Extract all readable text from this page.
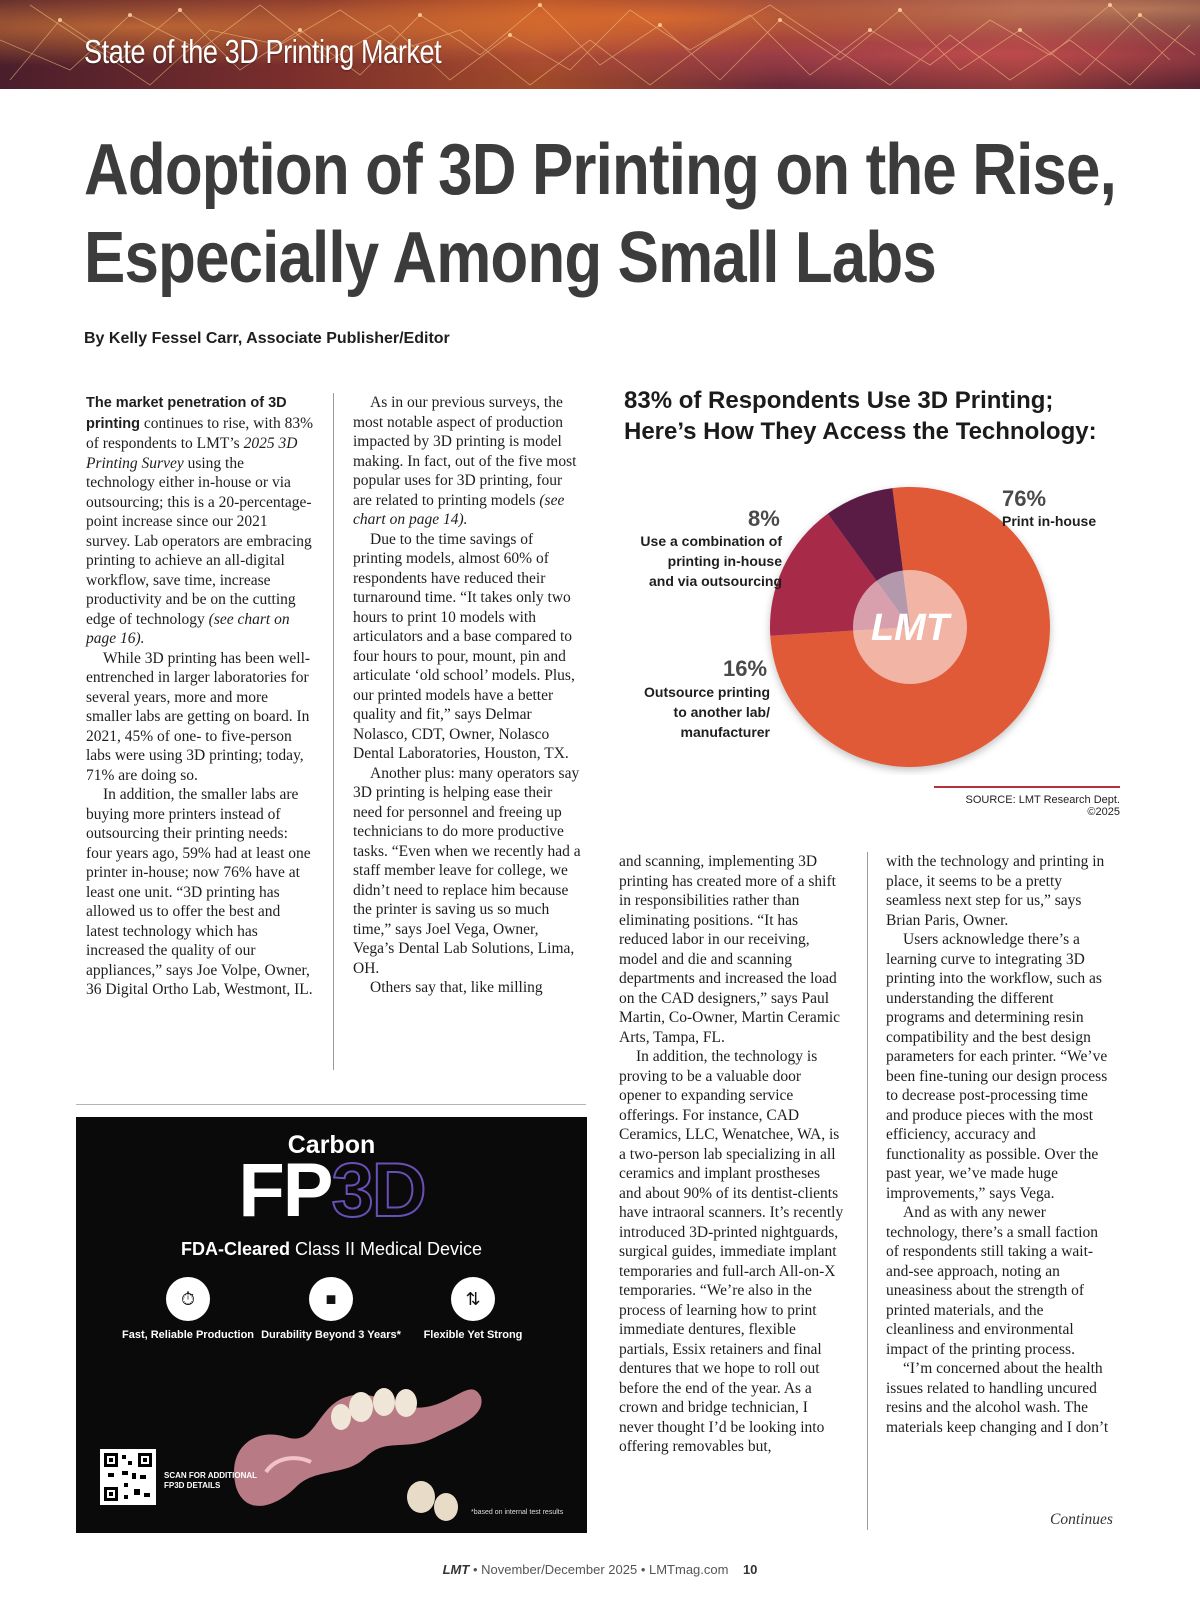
State of the 3D Printing Market
Adoption of 3D Printing on the Rise,
Especially Among Small Labs
By Kelly Fessel Carr, Associate Publisher/Editor

The market penetration of 3D printing continues to rise, with 83% of respondents to LMT’s 2025 3D Printing Survey using the technology either in-house or via outsourcing; this is a 20-percentage-point increase since our 2021 survey. Lab operators are embracing printing to achieve an all-digital workflow, save time, increase productivity and be on the cutting edge of technology (see chart on page 16).

While 3D printing has been well-entrenched in larger laboratories for several years, more and more smaller labs are getting on board. In 2021, 45% of one- to five-person labs were using 3D printing; today, 71% are doing so.

In addition, the smaller labs are buying more printers instead of outsourcing their printing needs: four years ago, 59% had at least one printer in-house; now 76% have at least one unit. “3D printing has allowed us to offer the best and latest technology which has increased the quality of our appliances,” says Joe Volpe, Owner, 36 Digital Ortho Lab, Westmont, IL.

As in our previous surveys, the most notable aspect of production impacted by 3D printing is model making. In fact, out of the five most popular uses for 3D printing, four are related to printing models (see chart on page 14).

Due to the time savings of printing models, almost 60% of respondents have reduced their turnaround time. “It takes only two hours to print 10 models with articulators and a base compared to four hours to pour, mount, pin and articulate ‘old school’ models. Plus, our printed models have a better quality and fit,” says Delmar Nolasco, CDT, Owner, Nolasco Dental Laboratories, Houston, TX.

Another plus: many operators say 3D printing is helping ease their need for personnel and freeing up technicians to do more productive tasks. “Even when we recently had a staff member leave for college, we didn’t need to replace him because the printer is saving us so much time,” says Joel Vega, Owner, Vega’s Dental Lab Solutions, Lima, OH.

Others say that, like milling

83% of Respondents Use 3D Printing;
Here’s How They Access the Technology:
LMT
76%
Print in-house
8%
Use a combination of
printing in-house
and via outsourcing
16%
Outsource printing
to another lab/
manufacturer
SOURCE: LMT Research Dept. ©2025

and scanning, implementing 3D printing has created more of a shift in responsibilities rather than eliminating positions. “It has reduced labor in our receiving, model and die and scanning departments and increased the load on the CAD designers,” says Paul Martin, Co-Owner, Martin Ceramic Arts, Tampa, FL.

In addition, the technology is proving to be a valuable door opener to expanding service offerings. For instance, CAD Ceramics, LLC, Wenatchee, WA, is a two-person lab specializing in all ceramics and implant prostheses and about 90% of its dentist-clients have intraoral scanners. It’s recently introduced 3D-printed nightguards, surgical guides, immediate implant temporaries and full-arch All-on-X temporaries. “We’re also in the process of learning how to print immediate dentures, flexible partials, Essix retainers and final dentures that we hope to roll out before the end of the year. As a crown and bridge technician, I never thought I’d be looking into offering removables but,

with the technology and printing in place, it seems to be a pretty seamless next step for us,” says Brian Paris, Owner.

Users acknowledge there’s a learning curve to integrating 3D printing into the workflow, such as understanding the different programs and determining resin compatibility and the best design parameters for each printer. “We’ve been fine-tuning our design process to decrease post-processing time and produce pieces with the most efficiency, accuracy and functionality as possible. Over the past year, we’ve made huge improvements,” says Vega.

And as with any newer technology, there’s a small faction of respondents still taking a wait-and-see approach, noting an uneasiness about the strength of printed materials, and the cleanliness and environmental impact of the printing process.

“I’m concerned about the health issues related to handling uncured resins and the alcohol wash. The materials keep changing and I don’t

Continues
Carbon
FP3D
FDA-Cleared Class II Medical Device
⏱	■	⇅
Fast, Reliable Production Durability Beyond 3 Years*	Flexible Yet Strong
SCAN FOR ADDITIONAL
FP3D DETAILS
*based on internal test results
LMT • November/December 2025 • LMTmag.com 10
